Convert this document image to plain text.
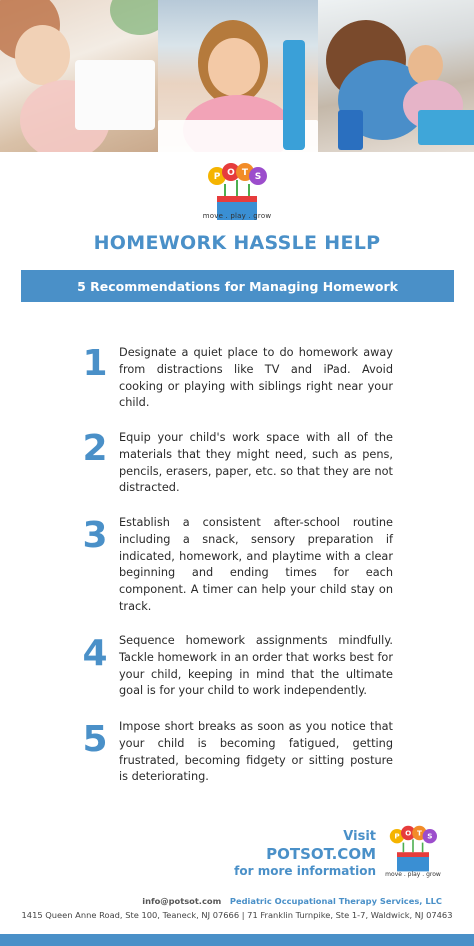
P O T S
move . play . grow
HOMEWORK HASSLE HELP
5 Recommendations for Managing Homework
1 Designate a quiet place to do homework away from distractions like TV and iPad. Avoid cooking or playing with siblings right near your child.
2 Equip your child's work space with all of the materials that they might need, such as pens, pencils, erasers, paper, etc. so that they are not distracted.
3 Establish a consistent after-school routine including a snack, sensory preparation if indicated, homework, and playtime with a clear beginning and ending times for each component. A timer can help your child stay on track.
4 Sequence homework assignments mindfully. Tackle homework in an order that works best for your child, keeping in mind that the ultimate goal is for your child to work independently.
5 Impose short breaks as soon as you notice that your child is becoming fatigued, getting frustrated, becoming fidgety or sitting posture is deteriorating.
Visit
POTSOT.COM
for more information
P O T S
move . play . grow
info@potsot.com Pediatric Occupational Therapy Services, LLC
1415 Queen Anne Road, Ste 100, Teaneck, NJ 07666 | 71 Franklin Turnpike, Ste 1-7, Waldwick, NJ 07463
